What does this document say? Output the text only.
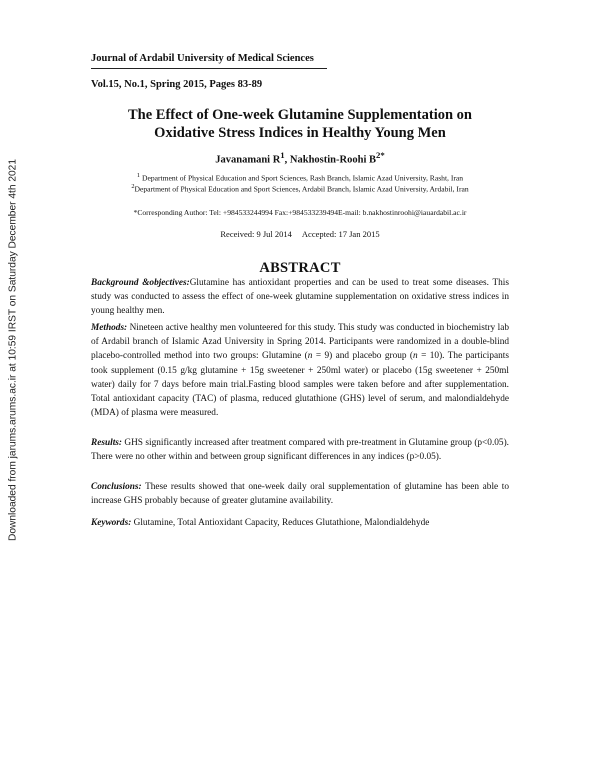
Downloaded from jarums.arums.ac.ir at 10:59 IRST on Saturday December 4th 2021
Journal of Ardabil University of Medical Sciences
Vol.15, No.1, Spring 2015, Pages 83-89
The Effect of One-week Glutamine Supplementation on
Oxidative Stress Indices in Healthy Young Men
Javanamani $R^1$, Nakhostin-Roohi $B^{2*}$
$^1$ Department of Physical Education and Sport Sciences, Rash Branch, Islamic Azad University, Rasht, Iran
$^2$Department of Physical Education and Sport Sciences, Ardabil Branch, Islamic Azad University, Ardabil, Iran
*Corresponding Author: Tel: +984533244994 Fax:+984533239494E-mail: b.nakhostinroohi@iauardabil.ac.ir
Received: 9 Jul 2014 Accepted: 17 Jan 2015
ABSTRACT
Background &objectives:Glutamine has antioxidant properties and can be used to treat some diseases. This study was conducted to assess the effect of one-week glutamine supplementation on oxidative stress indices in young healthy men.
Methods: Nineteen active healthy men volunteered for this study. This study was conducted in biochemistry lab of Ardabil branch of Islamic Azad University in Spring 2014. Participants were randomized in a double-blind placebo-controlled method into two groups: Glutamine (n = 9) and placebo group (n = 10). The participants took supplement (0.15 g/kg glutamine + 15g sweetener + 250ml water) or placebo (15g sweetener + 250ml water) daily for 7 days before main trial.Fasting blood samples were taken before and after supplementation. Total antioxidant capacity (TAC) of plasma, reduced glutathione (GHS) level of serum, and malondialdehyde (MDA) of plasma were measured.
Results: GHS significantly increased after treatment compared with pre-treatment in Glutamine group (p<0.05). There were no other within and between group significant differences in any indices (p>0.05).
Conclusions: These results showed that one-week daily oral supplementation of glutamine has been able to increase GHS probably because of greater glutamine availability.
Keywords: Glutamine, Total Antioxidant Capacity, Reduces Glutathione, Malondialdehyde
